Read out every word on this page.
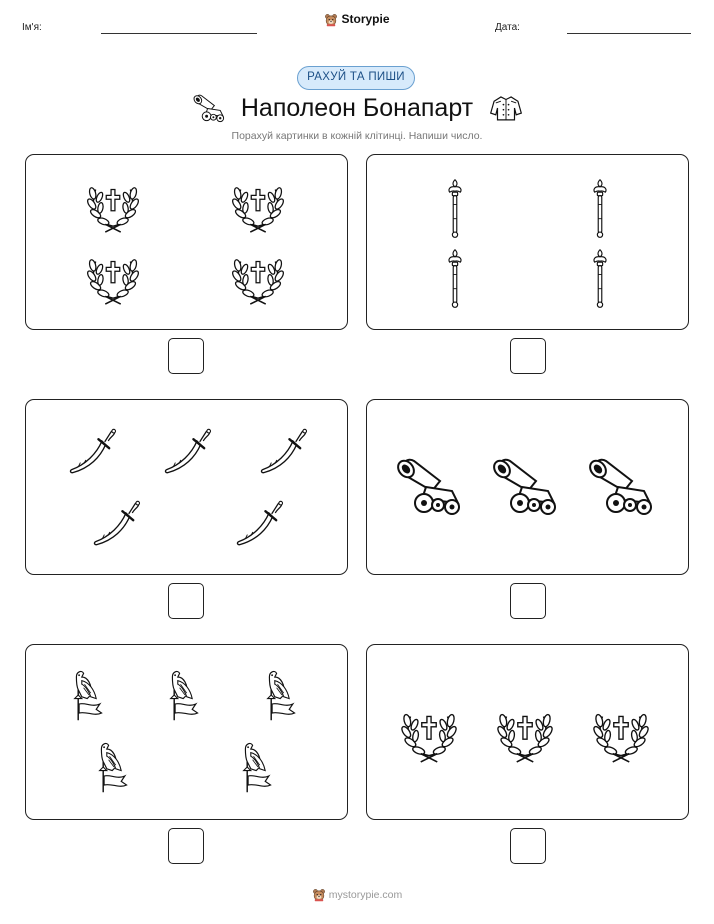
Ім'я:
Storypie
Дата:
РАХУЙ ТА ПИШИ
Наполеон Бонапарт
Порахуй картинки в кожній клітинці. Напиши число.
mystorypie.com
